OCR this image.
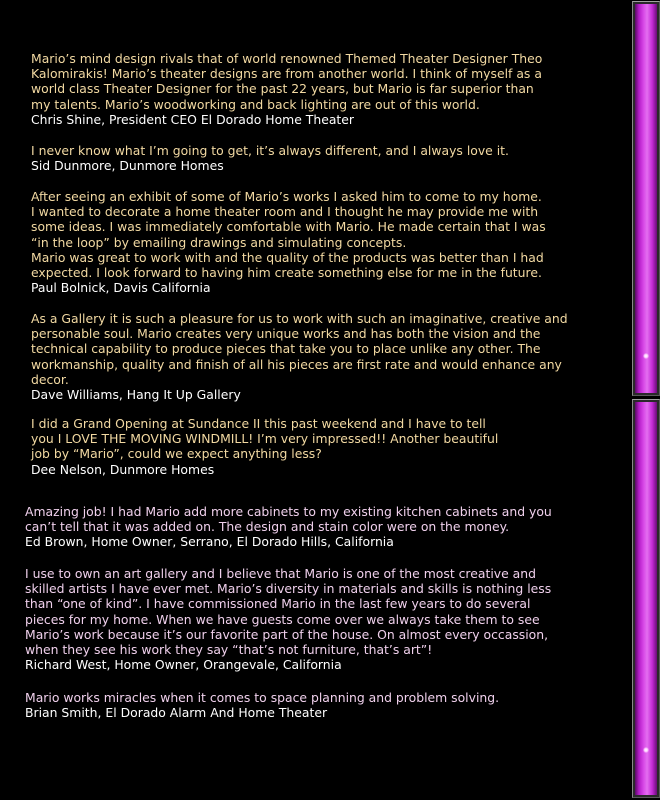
Mario’s mind design rivals that of world renowned Themed Theater Designer Theo
Kalomirakis! Mario’s theater designs are from another world. I think of myself as a
world class Theater Designer for the past 22 years, but Mario is far superior than
my talents. Mario’s woodworking and back lighting are out of this world.
Chris Shine, President CEO El Dorado Home Theater
I never know what I’m going to get, it’s always different, and I always love it.
Sid Dunmore, Dunmore Homes
After seeing an exhibit of some of Mario’s works I asked him to come to my home.
I wanted to decorate a home theater room and I thought he may provide me with
some ideas. I was immediately comfortable with Mario. He made certain that I was
“in the loop” by emailing drawings and simulating concepts.
Mario was great to work with and the quality of the products was better than I had
expected. I look forward to having him create something else for me in the future.
Paul Bolnick, Davis California
As a Gallery it is such a pleasure for us to work with such an imaginative, creative and
personable soul. Mario creates very unique works and has both the vision and the
technical capability to produce pieces that take you to place unlike any other. The
workmanship, quality and finish of all his pieces are first rate and would enhance any
decor.
Dave Williams, Hang It Up Gallery
I did a Grand Opening at Sundance II this past weekend and I have to tell
you I LOVE THE MOVING WINDMILL! I’m very impressed!! Another beautiful
job by “Mario”, could we expect anything less?
Dee Nelson, Dunmore Homes
Amazing job! I had Mario add more cabinets to my existing kitchen cabinets and you
can’t tell that it was added on. The design and stain color were on the money.
Ed Brown, Home Owner, Serrano, El Dorado Hills, California
I use to own an art gallery and I believe that Mario is one of the most creative and
skilled artists I have ever met. Mario’s diversity in materials and skills is nothing less
than “one of kind”. I have commissioned Mario in the last few years to do several
pieces for my home. When we have guests come over we always take them to see
Mario’s work because it’s our favorite part of the house. On almost every occassion,
when they see his work they say “that’s not furniture, that’s art”!
Richard West, Home Owner, Orangevale, California
Mario works miracles when it comes to space planning and problem solving.
Brian Smith, El Dorado Alarm And Home Theater
